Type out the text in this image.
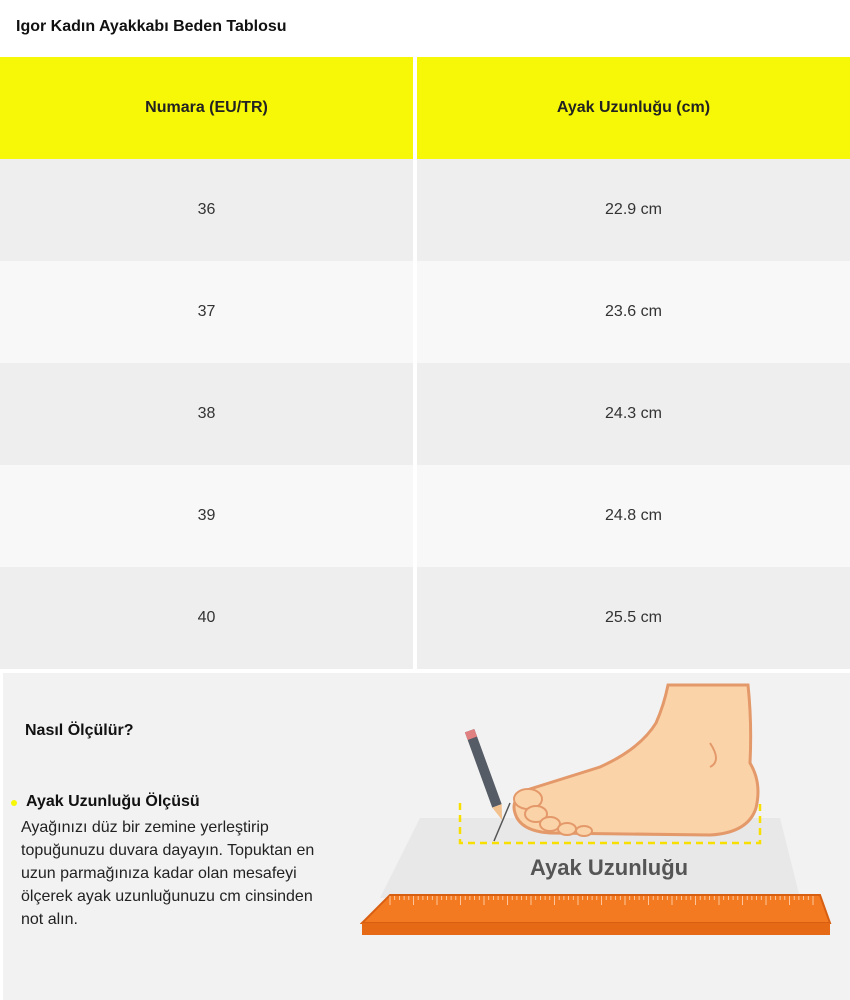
Igor Kadın Ayakkabı Beden Tablosu
Numara (EU/TR)	Ayak Uzunluğu (cm)
36	22.9 cm
37	23.6 cm
38	24.3 cm
39	24.8 cm
40	25.5 cm
Nasıl Ölçülür?
Ayak Uzunluğu Ölçüsü
Ayağınızı düz bir zemine yerleştirip
topuğunuzu duvara dayayın. Topuktan en
uzun parmağınıza kadar olan mesafeyi
ölçerek ayak uzunluğunuzu cm cinsinden
not alın.
Ayak Uzunluğu
